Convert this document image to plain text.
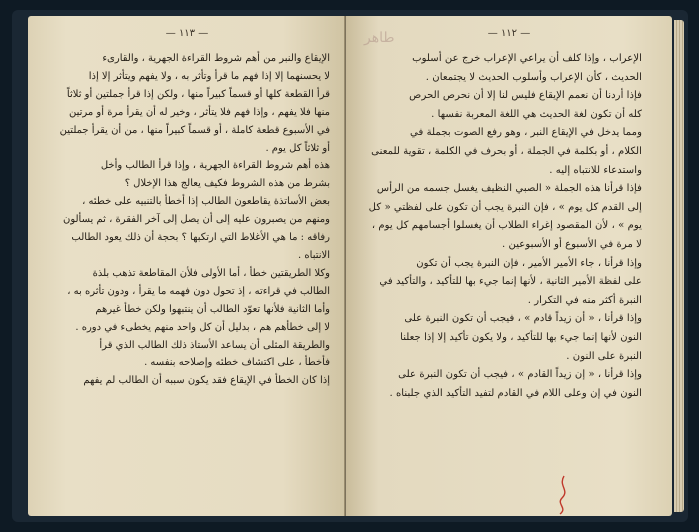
— ١١٣ —
الإيقاع والنبر من أهم شروط القراءة الجهرية ، والقارىء
لا يحسنهما إلا إذا فهم ما قرأ وتأثر به ، ولا يفهم ويتأثر إلا إذا
قرأ القطعة كلها أو قسماً كبيراً منها ، ولكن إذا قرأ جملتين أو ثلاثاً
منها فلا يفهم ، وإذا فهم فلا يتأثر ، وخير له أن يقرأ مرة أو مرتين
في الأسبوع قطعة كاملة ، أو قسماً كبيراً منها ، من أن يقرأ جملتين
أو ثلاثاً كل يوم .
هذه أهم شروط القراءة الجهرية ، وإذا قرأ الطالب وأخل
بشرط من هذه الشروط فكيف يعالج هذا الإخلال ؟
بعض الأساتذة يقاطعون الطالب إذا أخطأ بالتنبيه على خطئه ،
ومنهم من يصبرون عليه إلى أن يصل إلى آخر الفقرة ، ثم يسألون
رفاقه : ما هي الأغلاط التي ارتكبها ؟ بحجة أن ذلك يعود الطالب
الانتباه .
وكلا الطريقتين خطأ ، أما الأولى فلأن المقاطعة تذهب بلذة
الطالب في قراءته ، إذ تحول دون فهمه ما يقرأ ، ودون تأثره به ،
وأما الثانية فلأنها تعوّد الطالب أن ينتبهوا ولكن خطأ غيرهم
لا إلى خطأهم هم ، بدليل أن كل واحد منهم يخطىء في دوره .
والطريقة المثلى أن يساعد الأستاذ ذلك الطالب الذي قرأ
فأخطأ ، على اكتشاف خطئه وإصلاحه بنفسه .
إذا كان الخطأ في الإيقاع فقد يكون سببه أن الطالب لم يفهم
طاهر	— ١١٢ —
الإعراب ، وإذا كلف أن يراعي الإعراب خرج عن أسلوب
الحديث ، كأن الإعراب وأسلوب الحديث لا يجتمعان .
فإذا أردنا أن نعمم الإيقاع فليس لنا إلا أن نحرص الحرص
كله أن تكون لغة الحديث هي اللغة المعربة نفسها .
ومما يدخل في الإيقاع النبر ، وهو رفع الصوت بجملة في
الكلام ، أو بكلمة في الجملة ، أو بحرف في الكلمة ، تقوية للمعنى
واستدعاء للانتباه إليه .
فإذا قرأنا هذه الجملة « الصبي النظيف يغسل جسمه من الرأس
إلى القدم كل يوم » ، فإن النبرة يجب أن تكون على لفظتي « كل
يوم » ، لأن المقصود إغراء الطلاب أن يغسلوا أجسامهم كل يوم ،
لا مرة في الأسبوع أو الأسبوعين .
وإذا قرأنا ، جاء الأمير الأمير ، فإن النبرة يجب أن تكون
على لفظة الأمير الثانية ، لأنها إنما جيء بها للتأكيد ، والتأكيد في
النبرة أكثر منه في التكرار .
وإذا قرأنا ، « أن زيداً قادم » ، فيجب أن تكون النبرة على
النون لأنها إنما جيء بها للتأكيد ، ولا يكون تأكيد إلا إذا جعلنا
النبرة على النون .
وإذا قرأنا ، « إن زيداً القادم » ، فيجب أن تكون النبرة على
النون في إن وعلى اللام في القادم لتفيد التأكيد الذي جلبناه .
